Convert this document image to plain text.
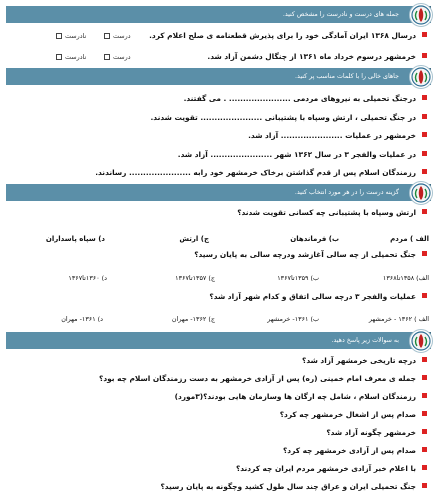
جمله های درست و نادرست را مشخص کنید.
درسال ۱۳۶۸ ایران آمادگی خود را برای پذیرش قطعنامه ی صلح اعلام کرد.
درست
نادرست
خرمشهر درسوم خرداد ماه ۱۳۶۱ از چنگال دشمن آزاد شد.
درست
نادرست
جاهای خالی را با کلمات مناسب پر کنید.
درجنگ تحمیلی به نیروهای مردمی ...................... . می گفتند.
در جنگ تحمیلی ، ارتش وسپاه با پشتیبانی ...................... تقویت شدند.
خرمشهر در عملیات ...................... آزاد شد.
در عملیات والفجر ۳ در سال ۱۳۶۲ شهر ...................... آزاد شد.
رزمندگان اسلام پس از قدم گذاشتن برخاک خرمشهر خود رابه ...................... رساندند.
گزینه درست را در هر مورد انتخاب کنید.
ارتش وسپاه با پشتیبانی چه کسانی تقویت شدند؟
الف ) مردم
ب) فرماندهان
ج) ارتش
د) سپاه پاسداران
جنگ تحمیلی از چه سالی آغازشد ودرچه سالی به پایان رسید؟
الف) ۱۳۵۸تا۱۳۶۸
ب) ۱۳۵۹تا۱۳۶۷
ج) ۱۳۵۷تا۱۳۶۷
د) ۱۳۶۰تا۱۳۶۷
عملیات والفجر ۳ درچه سالی اتفاق و کدام شهر آزاد شد؟
الف ) ۱۳۶۲ - خرمشهر
ب) ۱۳۶۱- خرمشهر
ج) ۱۳۶۲- مهران
د) ۱۳۶۱- مهران
به سوالات زیر پاسخ دهید.
درچه تاریخی خرمشهر آزاد شد؟
جمله ی معرف امام خمینی (ره) پس از آزادی خرمشهر به دست رزمندگان اسلام چه بود؟
رزمندگان اسلام ، شامل چه ارگان ها وسازمان هایی بودند؟(۳مورد)
صدام پس از اشغال خرمشهر چه کرد؟
خرمشهر چگونه آزاد شد؟
صدام پس از آزادی خرمشهر چه کرد؟
با اعلام خبر آزادی خرمشهر مردم ایران چه کردند؟
جنگ تحمیلی ایران و عراق چند سال طول کشید وچگونه به پایان رسید؟
